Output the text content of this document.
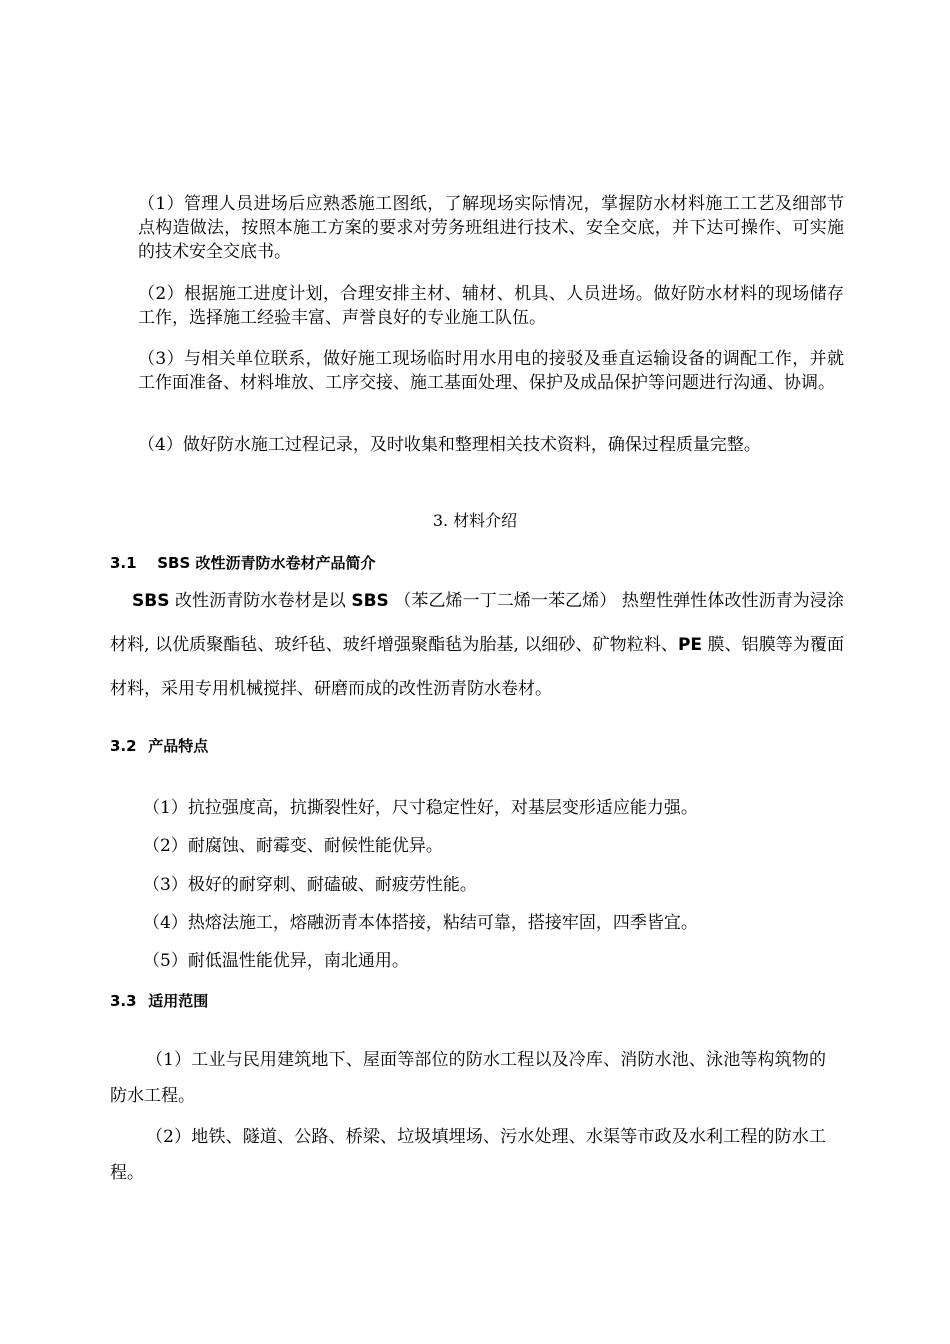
（1）管理人员进场后应熟悉施工图纸，了解现场实际情况，掌握防水材料施工工艺及细部节点构造做法，按照本施工方案的要求对劳务班组进行技术、安全交底，并下达可操作、可实施的技术安全交底书。

（2）根据施工进度计划，合理安排主材、辅材、机具、人员进场。做好防水材料的现场储存工作，选择施工经验丰富、声誉良好的专业施工队伍。

（3）与相关单位联系，做好施工现场临时用水用电的接驳及垂直运输设备的调配工作，并就工作面准备、材料堆放、工序交接、施工基面处理、保护及成品保护等问题进行沟通、协调。

（4）做好防水施工过程记录，及时收集和整理相关技术资料，确保过程质量完整。

3. 材料介绍

3.1 SBS 改性沥青防水卷材产品简介

SBS 改性沥青防水卷材是以 SBS （苯乙烯一丁二烯一苯乙烯） 热塑性弹性体改性沥青为浸涂材料, 以优质聚酯毡、玻纤毡、玻纤增强聚酯毡为胎基, 以细砂、矿物粒料、PE 膜、铝膜等为覆面材料，采用专用机械搅拌、研磨而成的改性沥青防水卷材。

3.2 产品特点

（1）抗拉强度高，抗撕裂性好，尺寸稳定性好，对基层变形适应能力强。

（2）耐腐蚀、耐霉变、耐候性能优异。

（3）极好的耐穿刺、耐磕破、耐疲劳性能。

（4）热熔法施工，熔融沥青本体搭接，粘结可靠，搭接牢固，四季皆宜。

（5）耐低温性能优异，南北通用。

3.3 适用范围

（1）工业与民用建筑地下、屋面等部位的防水工程以及冷库、消防水池、泳池等构筑物的防水工程。

（2）地铁、隧道、公路、桥梁、垃圾填埋场、污水处理、水渠等市政及水利工程的防水工程。
